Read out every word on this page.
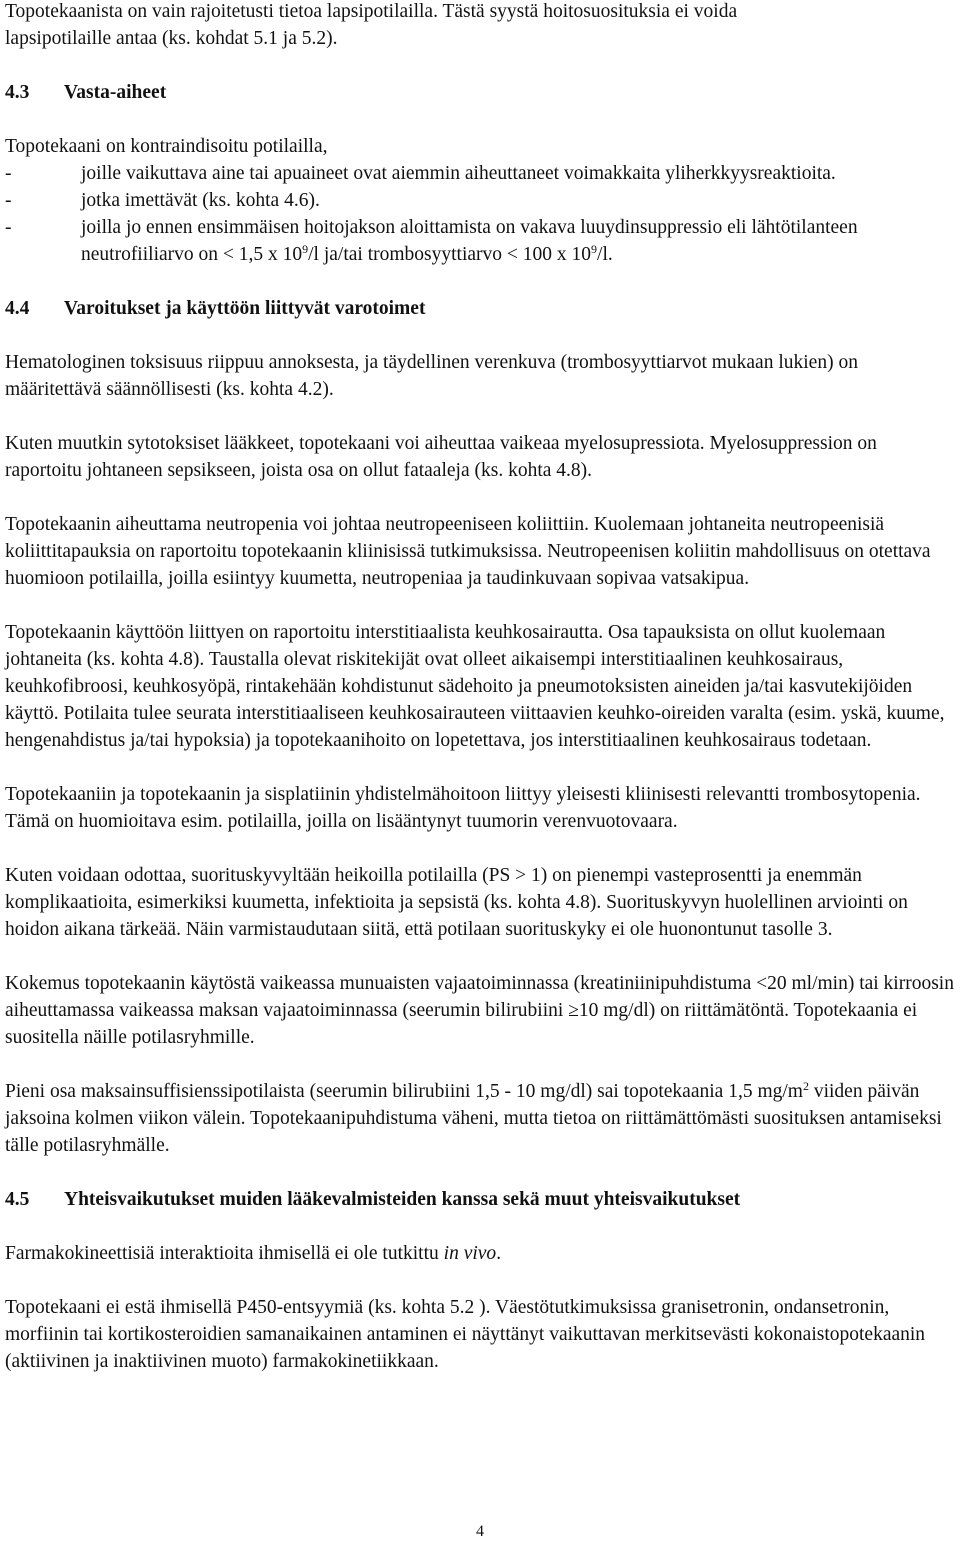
Topotekaanista on vain rajoitetusti tietoa lapsipotilailla. Tästä syystä hoitosuosituksia ei voida
lapsipotilaille antaa (ks. kohdat 5.1 ja 5.2).

4.3 Vasta-aiheet

Topotekaani on kontraindisoitu potilailla,

-	joille vaikuttava aine tai apuaineet ovat aiemmin aiheuttaneet voimakkaita yliherkkyysreaktioita.

-	jotka imettävät (ks. kohta 4.6).

-	joilla jo ennen ensimmäisen hoitojakson aloittamista on vakava luuydinsuppressio eli lähtötilanteen neutrofiiliarvo on < 1,5 x $10^9/l$ ja/tai trombosyyttiarvo < 100 x $10^9/l$.

4.4 Varoitukset ja käyttöön liittyvät varotoimet

Hematologinen toksisuus riippuu annoksesta, ja täydellinen verenkuva (trombosyyttiarvot mukaan lukien) on määritettävä säännöllisesti (ks. kohta 4.2).

Kuten muutkin sytotoksiset lääkkeet, topotekaani voi aiheuttaa vaikeaa myelosupressiota. Myelosuppression on raportoitu johtaneen sepsikseen, joista osa on ollut fataaleja (ks. kohta 4.8).

Topotekaanin aiheuttama neutropenia voi johtaa neutropeeniseen koliittiin. Kuolemaan johtaneita neutropeenisiä koliittitapauksia on raportoitu topotekaanin kliinisissä tutkimuksissa. Neutropeenisen koliitin mahdollisuus on otettava huomioon potilailla, joilla esiintyy kuumetta, neutropeniaa ja taudinkuvaan sopivaa vatsakipua.

Topotekaanin käyttöön liittyen on raportoitu interstitiaalista keuhkosairautta. Osa tapauksista on ollut kuolemaan johtaneita (ks. kohta 4.8). Taustalla olevat riskitekijät ovat olleet aikaisempi interstitiaalinen keuhkosairaus, keuhkofibroosi, keuhkosyöpä, rintakehään kohdistunut sädehoito ja pneumotoksisten aineiden ja/tai kasvutekijöiden käyttö. Potilaita tulee seurata interstitiaaliseen keuhkosairauteen viittaavien keuhko-oireiden varalta (esim. yskä, kuume, hengenahdistus ja/tai hypoksia) ja topotekaanihoito on lopetettava, jos interstitiaalinen keuhkosairaus todetaan.

Topotekaaniin ja topotekaanin ja sisplatiinin yhdistelmähoitoon liittyy yleisesti kliinisesti relevantti trombosytopenia. Tämä on huomioitava esim. potilailla, joilla on lisääntynyt tuumorin verenvuotovaara.

Kuten voidaan odottaa, suorituskyvyltään heikoilla potilailla (PS > 1) on pienempi vasteprosentti ja enemmän komplikaatioita, esimerkiksi kuumetta, infektioita ja sepsistä (ks. kohta 4.8). Suorituskyvyn huolellinen arviointi on hoidon aikana tärkeää. Näin varmistaudutaan siitä, että potilaan suorituskyky ei ole huonontunut tasolle 3.

Kokemus topotekaanin käytöstä vaikeassa munuaisten vajaatoiminnassa (kreatiniinipuhdistuma <20 ml/min) tai kirroosin aiheuttamassa vaikeassa maksan vajaatoiminnassa (seerumin bilirubiini ≥10 mg/dl) on riittämätöntä. Topotekaania ei suositella näille potilasryhmille.

Pieni osa maksainsuffisienssipotilaista (seerumin bilirubiini 1,5 - 10 mg/dl) sai topotekaania 1,5 $mg/m^2$ viiden päivän jaksoina kolmen viikon välein. Topotekaanipuhdistuma väheni, mutta tietoa on riittämättömästi suosituksen antamiseksi tälle potilasryhmälle.

4.5 Yhteisvaikutukset muiden lääkevalmisteiden kanssa sekä muut yhteisvaikutukset

Farmakokineettisiä interaktioita ihmisellä ei ole tutkittu in vivo.

Topotekaani ei estä ihmisellä P450-entsyymiä (ks. kohta 5.2 ). Väestötutkimuksissa granisetronin, ondansetronin, morfiinin tai kortikosteroidien samanaikainen antaminen ei näyttänyt vaikuttavan merkitsevästi kokonaistopotekaanin (aktiivinen ja inaktiivinen muoto) farmakokinetiikkaan.

4
